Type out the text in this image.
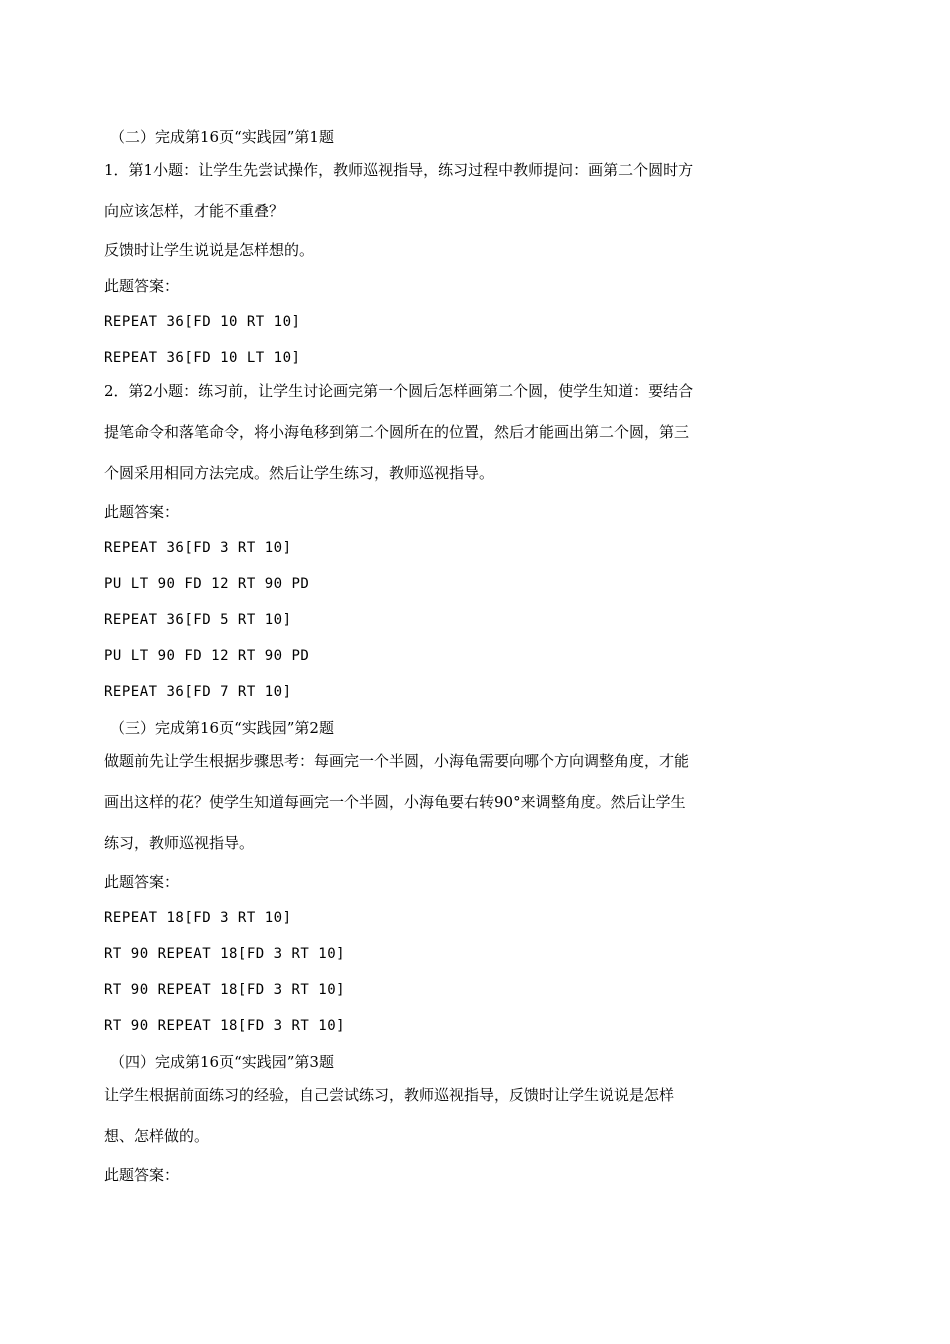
（二）完成第16页“实践园”第1题
1．第1小题：让学生先尝试操作，教师巡视指导，练习过程中教师提问：画第二个圆时方
向应该怎样，才能不重叠？
反馈时让学生说说是怎样想的。
此题答案：
REPEAT 36[FD 10 RT 10]
REPEAT 36[FD 10 LT 10]
2．第2小题：练习前，让学生讨论画完第一个圆后怎样画第二个圆，使学生知道：要结合
提笔命令和落笔命令，将小海龟移到第二个圆所在的位置，然后才能画出第二个圆，第三
个圆采用相同方法完成。然后让学生练习，教师巡视指导。
此题答案：
REPEAT 36[FD 3 RT 10]
PU LT 90 FD 12 RT 90 PD
REPEAT 36[FD 5 RT 10]
PU LT 90 FD 12 RT 90 PD
REPEAT 36[FD 7 RT 10]
（三）完成第16页“实践园”第2题
做题前先让学生根据步骤思考：每画完一个半圆，小海龟需要向哪个方向调整角度，才能
画出这样的花？使学生知道每画完一个半圆，小海龟要右转90°来调整角度。然后让学生
练习，教师巡视指导。
此题答案：
REPEAT 18[FD 3 RT 10]
RT 90 REPEAT 18[FD 3 RT 10]
RT 90 REPEAT 18[FD 3 RT 10]
RT 90 REPEAT 18[FD 3 RT 10]
（四）完成第16页“实践园”第3题
让学生根据前面练习的经验，自己尝试练习，教师巡视指导，反馈时让学生说说是怎样
想、怎样做的。
此题答案：
